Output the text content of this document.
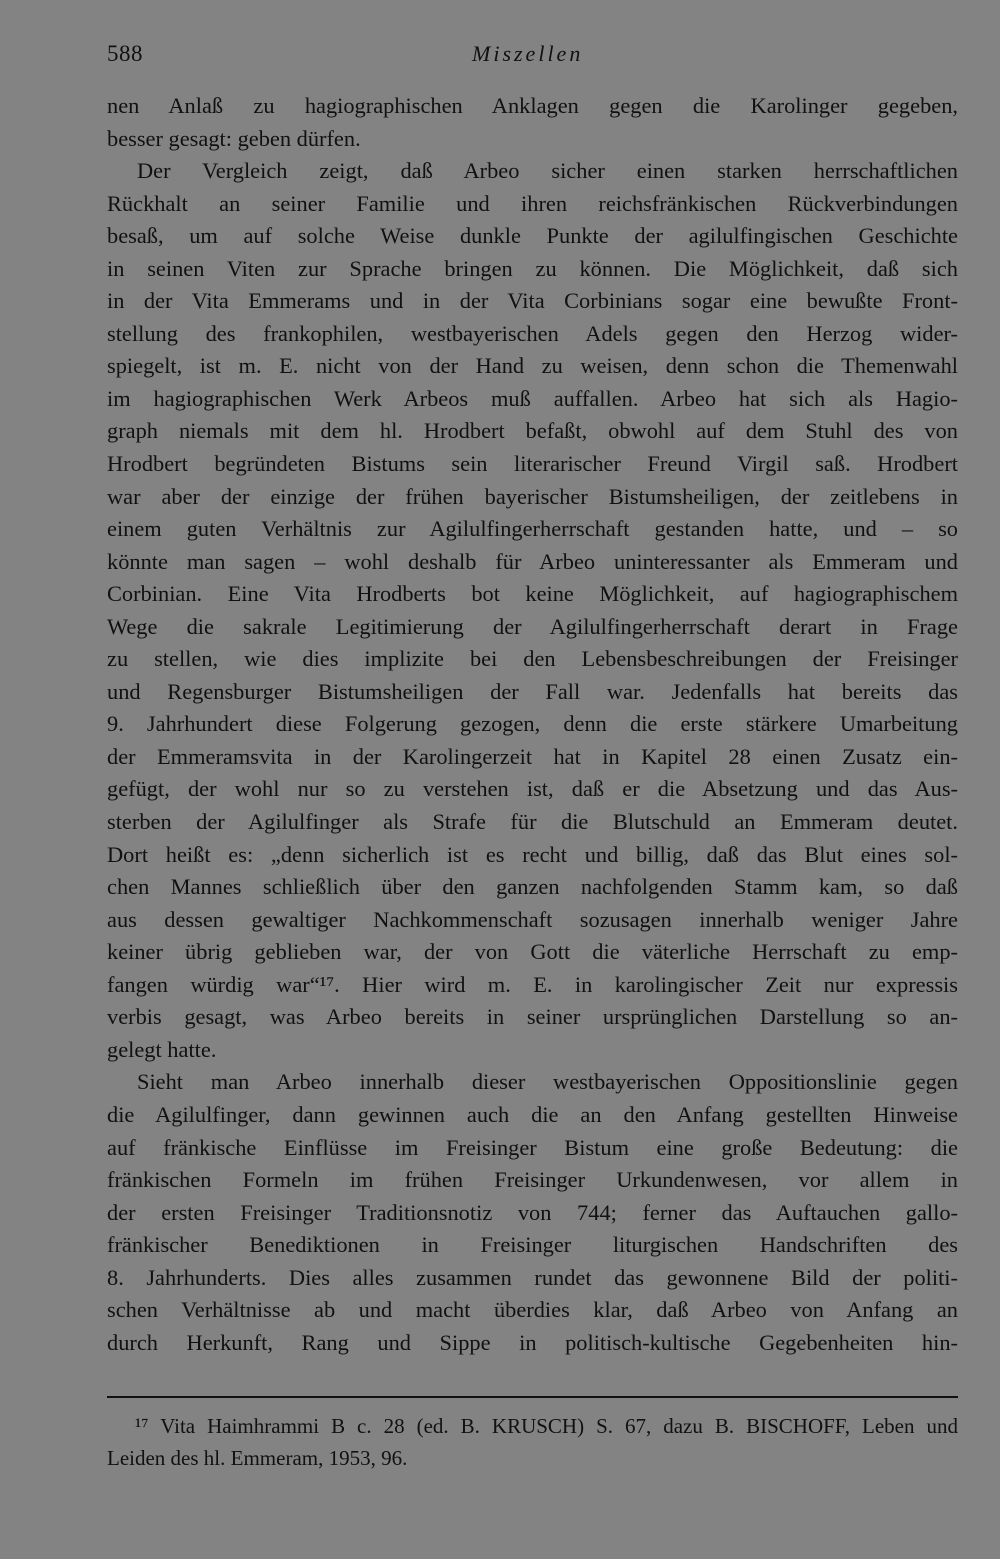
588	Miszellen
nen Anlaß zu hagiographischen Anklagen gegen die Karolinger gegeben,
besser gesagt: geben dürfen.
Der Vergleich zeigt, daß Arbeo sicher einen starken herrschaftlichen
Rückhalt an seiner Familie und ihren reichsfränkischen Rückverbindungen
besaß, um auf solche Weise dunkle Punkte der agilulfingischen Geschichte
in seinen Viten zur Sprache bringen zu können. Die Möglichkeit, daß sich
in der Vita Emmerams und in der Vita Corbinians sogar eine bewußte Front-
stellung des frankophilen, westbayerischen Adels gegen den Herzog wider-
spiegelt, ist m. E. nicht von der Hand zu weisen, denn schon die Themenwahl
im hagiographischen Werk Arbeos muß auffallen. Arbeo hat sich als Hagio-
graph niemals mit dem hl. Hrodbert befaßt, obwohl auf dem Stuhl des von
Hrodbert begründeten Bistums sein literarischer Freund Virgil saß. Hrodbert
war aber der einzige der frühen bayerischer Bistumsheiligen, der zeitlebens in
einem guten Verhältnis zur Agilulfingerherrschaft gestanden hatte, und – so
könnte man sagen – wohl deshalb für Arbeo uninteressanter als Emmeram und
Corbinian. Eine Vita Hrodberts bot keine Möglichkeit, auf hagiographischem
Wege die sakrale Legitimierung der Agilulfingerherrschaft derart in Frage
zu stellen, wie dies implizite bei den Lebensbeschreibungen der Freisinger
und Regensburger Bistumsheiligen der Fall war. Jedenfalls hat bereits das
9. Jahrhundert diese Folgerung gezogen, denn die erste stärkere Umarbeitung
der Emmeramsvita in der Karolingerzeit hat in Kapitel 28 einen Zusatz ein-
gefügt, der wohl nur so zu verstehen ist, daß er die Absetzung und das Aus-
sterben der Agilulfinger als Strafe für die Blutschuld an Emmeram deutet.
Dort heißt es: „denn sicherlich ist es recht und billig, daß das Blut eines sol-
chen Mannes schließlich über den ganzen nachfolgenden Stamm kam, so daß
aus dessen gewaltiger Nachkommenschaft sozusagen innerhalb weniger Jahre
keiner übrig geblieben war, der von Gott die väterliche Herrschaft zu emp-
fangen würdig war“¹⁷. Hier wird m. E. in karolingischer Zeit nur expressis
verbis gesagt, was Arbeo bereits in seiner ursprünglichen Darstellung so an-
gelegt hatte.
Sieht man Arbeo innerhalb dieser westbayerischen Oppositionslinie gegen
die Agilulfinger, dann gewinnen auch die an den Anfang gestellten Hinweise
auf fränkische Einflüsse im Freisinger Bistum eine große Bedeutung: die
fränkischen Formeln im frühen Freisinger Urkundenwesen, vor allem in
der ersten Freisinger Traditionsnotiz von 744; ferner das Auftauchen gallo-
fränkischer Benediktionen in Freisinger liturgischen Handschriften des
8. Jahrhunderts. Dies alles zusammen rundet das gewonnene Bild der politi-
schen Verhältnisse ab und macht überdies klar, daß Arbeo von Anfang an
durch Herkunft, Rang und Sippe in politisch-kultische Gegebenheiten hin-
¹⁷ Vita Haimhrammi B c. 28 (ed. B. KRUSCH) S. 67, dazu B. BISCHOFF, Leben und
Leiden des hl. Emmeram, 1953, 96.
